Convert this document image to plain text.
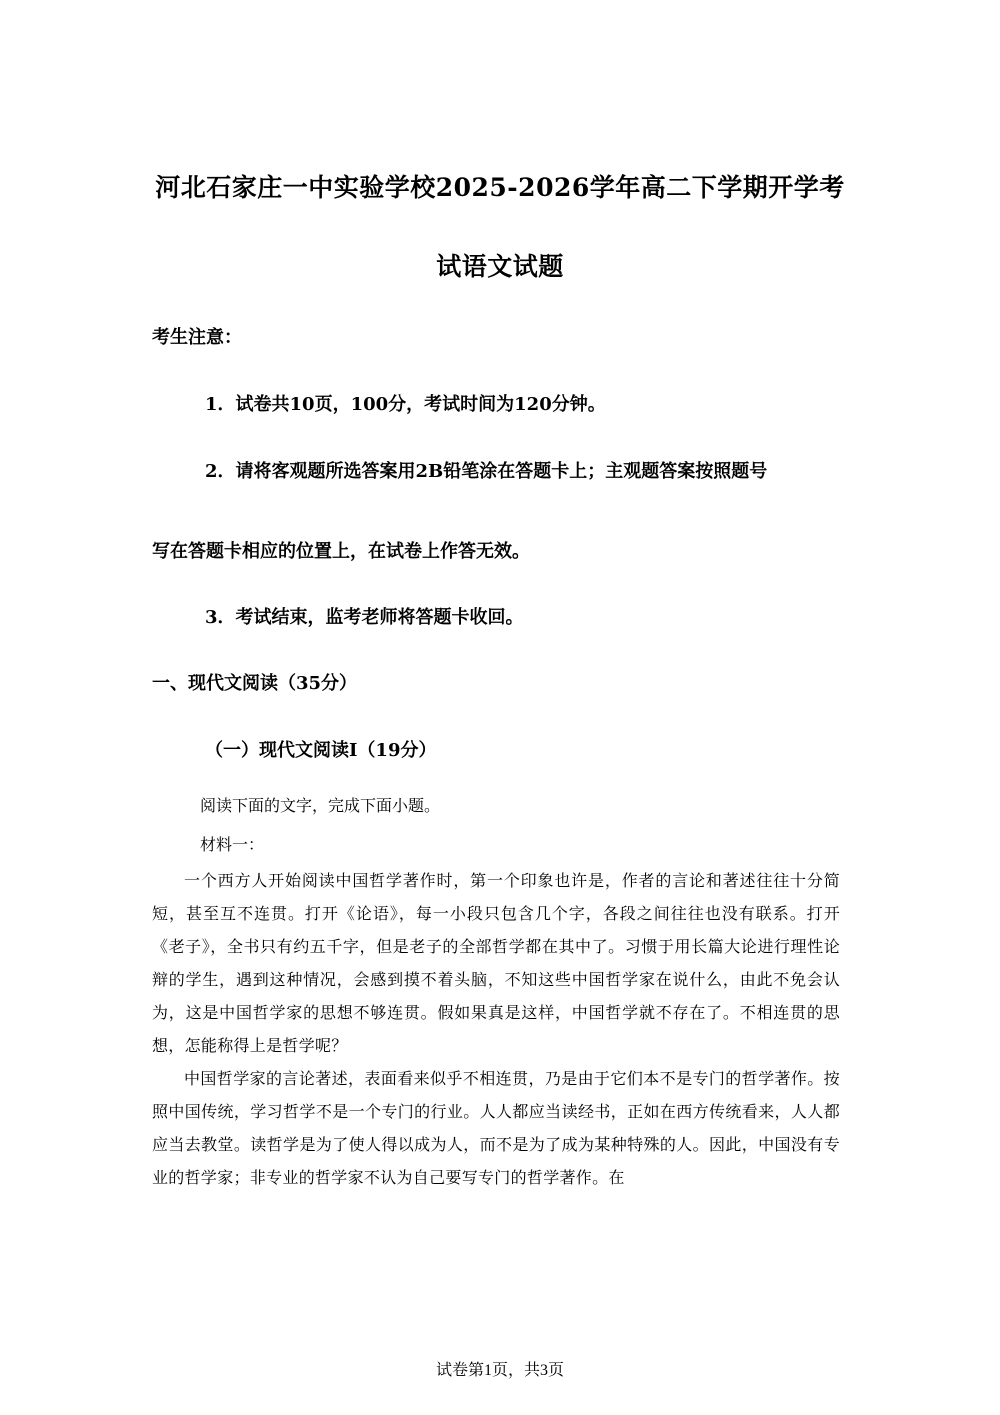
河北石家庄一中实验学校2025-2026学年高二下学期开学考
试语文试题
考生注意：
1．试卷共10页，100分，考试时间为120分钟。
2．请将客观题所选答案用2B铅笔涂在答题卡上；主观题答案按照题号
写在答题卡相应的位置上，在试卷上作答无效。
3．考试结束，监考老师将答题卡收回。
一、现代文阅读（35分）
（一）现代文阅读I（19分）
阅读下面的文字，完成下面小题。
材料一：

一个西方人开始阅读中国哲学著作时，第一个印象也许是，作者的言论和著述往往十分简短，甚至互不连贯。打开《论语》，每一小段只包含几个字，各段之间往往也没有联系。打开《老子》，全书只有约五千字，但是老子的全部哲学都在其中了。习惯于用长篇大论进行理性论辩的学生，遇到这种情况，会感到摸不着头脑，不知这些中国哲学家在说什么，由此不免会认为，这是中国哲学家的思想不够连贯。假如果真是这样，中国哲学就不存在了。不相连贯的思想，怎能称得上是哲学呢？

中国哲学家的言论著述，表面看来似乎不相连贯，乃是由于它们本不是专门的哲学著作。按照中国传统，学习哲学不是一个专门的行业。人人都应当读经书，正如在西方传统看来，人人都应当去教堂。读哲学是为了使人得以成为人，而不是为了成为某种特殊的人。因此，中国没有专业的哲学家；非专业的哲学家不认为自己要写专门的哲学著作。在

试卷第1页，共3页
